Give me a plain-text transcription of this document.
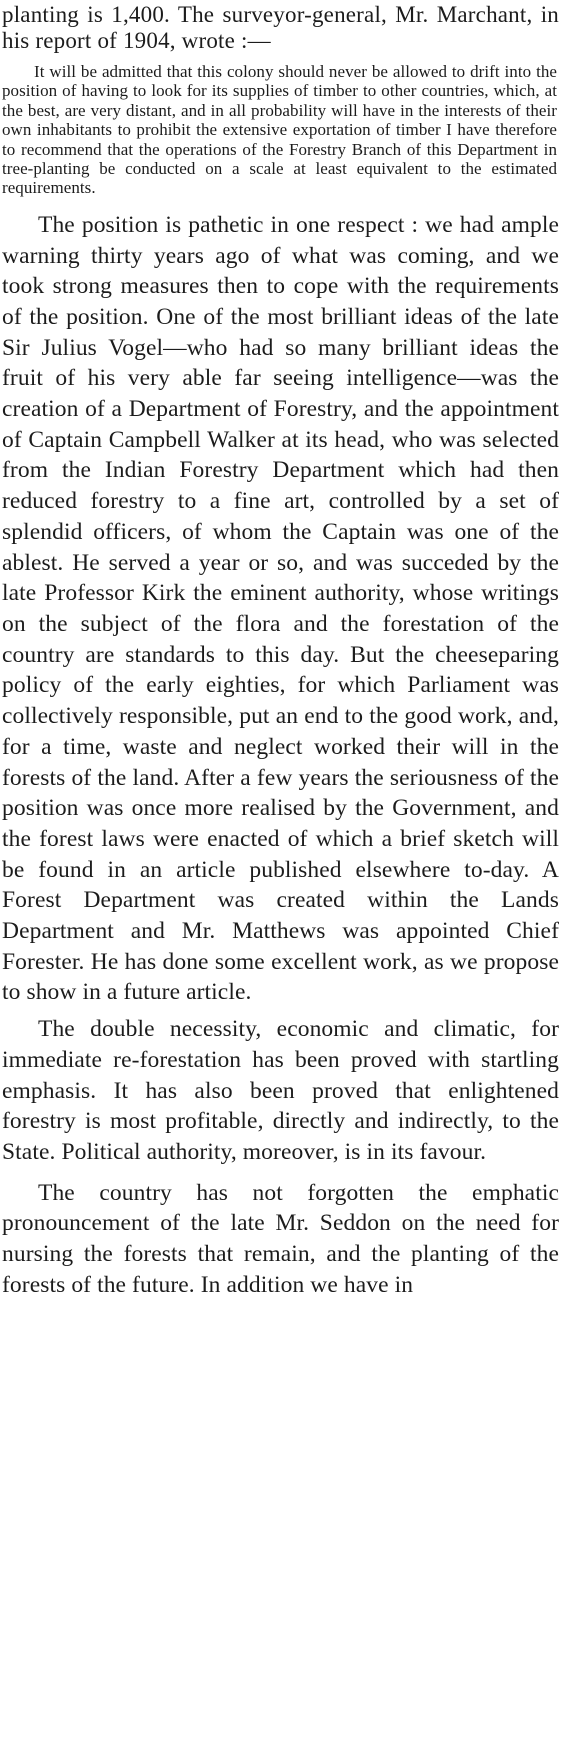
planting is 1,400. The surveyor-general, Mr. Marchant, in his report of 1904, wrote :—

It will be admitted that this colony should never be allowed to drift into the position of having to look for its supplies of timber to other countries, which, at the best, are very distant, and in all probability will have in the interests of their own inhabitants to prohibit the extensive exportation of timber I have therefore to recommend that the operations of the Forestry Branch of this Department in tree-planting be conducted on a scale at least equivalent to the estimated requirements.

The position is pathetic in one respect : we had ample warning thirty years ago of what was coming, and we took strong measures then to cope with the requirements of the position. One of the most brilliant ideas of the late Sir Julius Vogel—who had so many brilliant ideas the fruit of his very able far seeing intelligence—was the creation of a Department of Forestry, and the appointment of Captain Campbell Walker at its head, who was selected from the Indian Forestry Department which had then reduced forestry to a fine art, controlled by a set of splendid officers, of whom the Captain was one of the ablest. He served a year or so, and was succeded by the late Professor Kirk the eminent authority, whose writings on the subject of the flora and the forestation of the country are standards to this day. But the cheeseparing policy of the early eighties, for which Parliament was collectively responsible, put an end to the good work, and, for a time, waste and neglect worked their will in the forests of the land. After a few years the seriousness of the position was once more realised by the Government, and the forest laws were enacted of which a brief sketch will be found in an article published elsewhere to-day. A Forest Department was created within the Lands Department and Mr. Matthews was appointed Chief Forester. He has done some excellent work, as we propose to show in a future article.

The double necessity, economic and climatic, for immediate re-forestation has been proved with startling emphasis. It has also been proved that enlightened forestry is most profitable, directly and indirectly, to the State. Political authority, moreover, is in its favour.

The country has not forgotten the emphatic pronouncement of the late Mr. Seddon on the need for nursing the forests that remain, and the planting of the forests of the future. In addition we have in
